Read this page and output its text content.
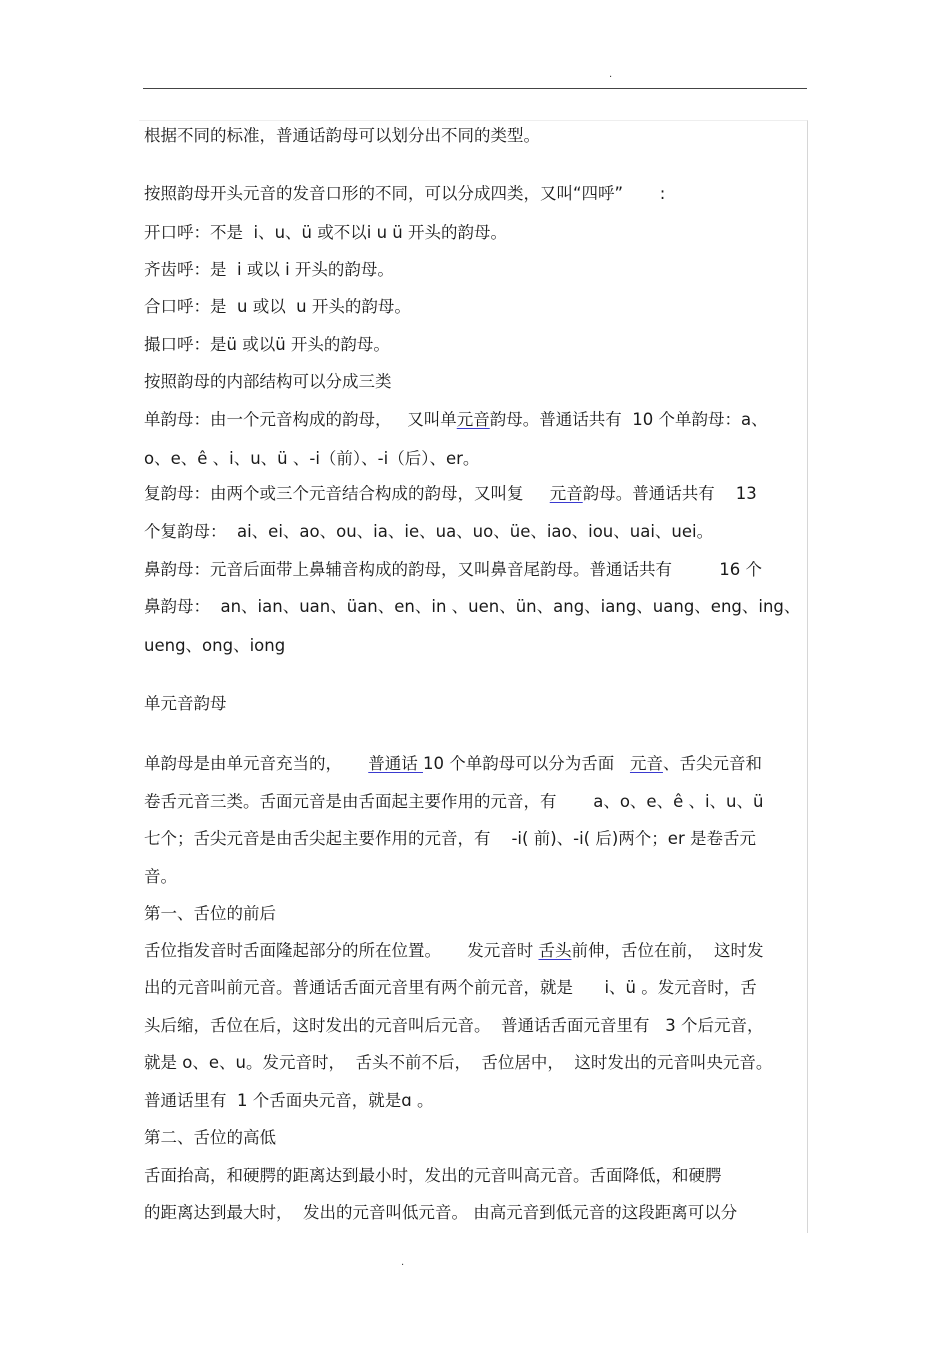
.
根据不同的标准，普通话韵母可以划分出不同的类型。
按照韵母开头元音的发音口形的不同，可以分成四类，又叫“四呼”       :
开口呼：不是  i、u、ü 或不以i u ü 开头的韵母。
齐齿呼：是  i 或以 i 开头的韵母。
合口呼：是  u 或以  u 开头的韵母。
撮口呼：是ü 或以ü 开头的韵母。
按照韵母的内部结构可以分成三类
单韵母：由一个元音构成的韵母，   又叫单元音韵母。普通话共有  10 个单韵母：a、
o、e、ê 、i、u、ü 、-i（前）、-i（后）、er。
复韵母：由两个或三个元音结合构成的韵母，又叫复     元音韵母。普通话共有    13
个复韵母：  ai、ei、ao、ou、ia、ie、ua、uo、üe、iao、iou、uai、uei。
鼻韵母：元音后面带上鼻辅音构成的韵母，又叫鼻音尾韵母。普通话共有         16 个
鼻韵母：  an、ian、uan、üan、en、in 、uen、ün、ang、iang、uang、eng、ing、
ueng、ong、iong
单元音韵母
单韵母是由单元音充当的，     普通话 10 个单韵母可以分为舌面   元音、舌尖元音和
卷舌元音三类。舌面元音是由舌面起主要作用的元音，有       a、o、e、ê 、i、u、ü
七个；舌尖元音是由舌尖起主要作用的元音，有    -i( 前)、-i( 后)两个；er 是卷舌元
音。
第一、舌位的前后
舌位指发音时舌面隆起部分的所在位置。     发元音时 舌头前伸，舌位在前，  这时发
出的元音叫前元音。普通话舌面元音里有两个前元音，就是      i、ü 。发元音时，舌
头后缩，舌位在后，这时发出的元音叫后元音。  普通话舌面元音里有   3 个后元音，
就是 o、e、u。发元音时，  舌头不前不后，  舌位居中，  这时发出的元音叫央元音。
普通话里有  1 个舌面央元音，就是ɑ 。
第二、舌位的高低
舌面抬高，和硬腭的距离达到最小时，发出的元音叫高元音。舌面降低，和硬腭
的距离达到最大时，  发出的元音叫低元音。 由高元音到低元音的这段距离可以分
.
